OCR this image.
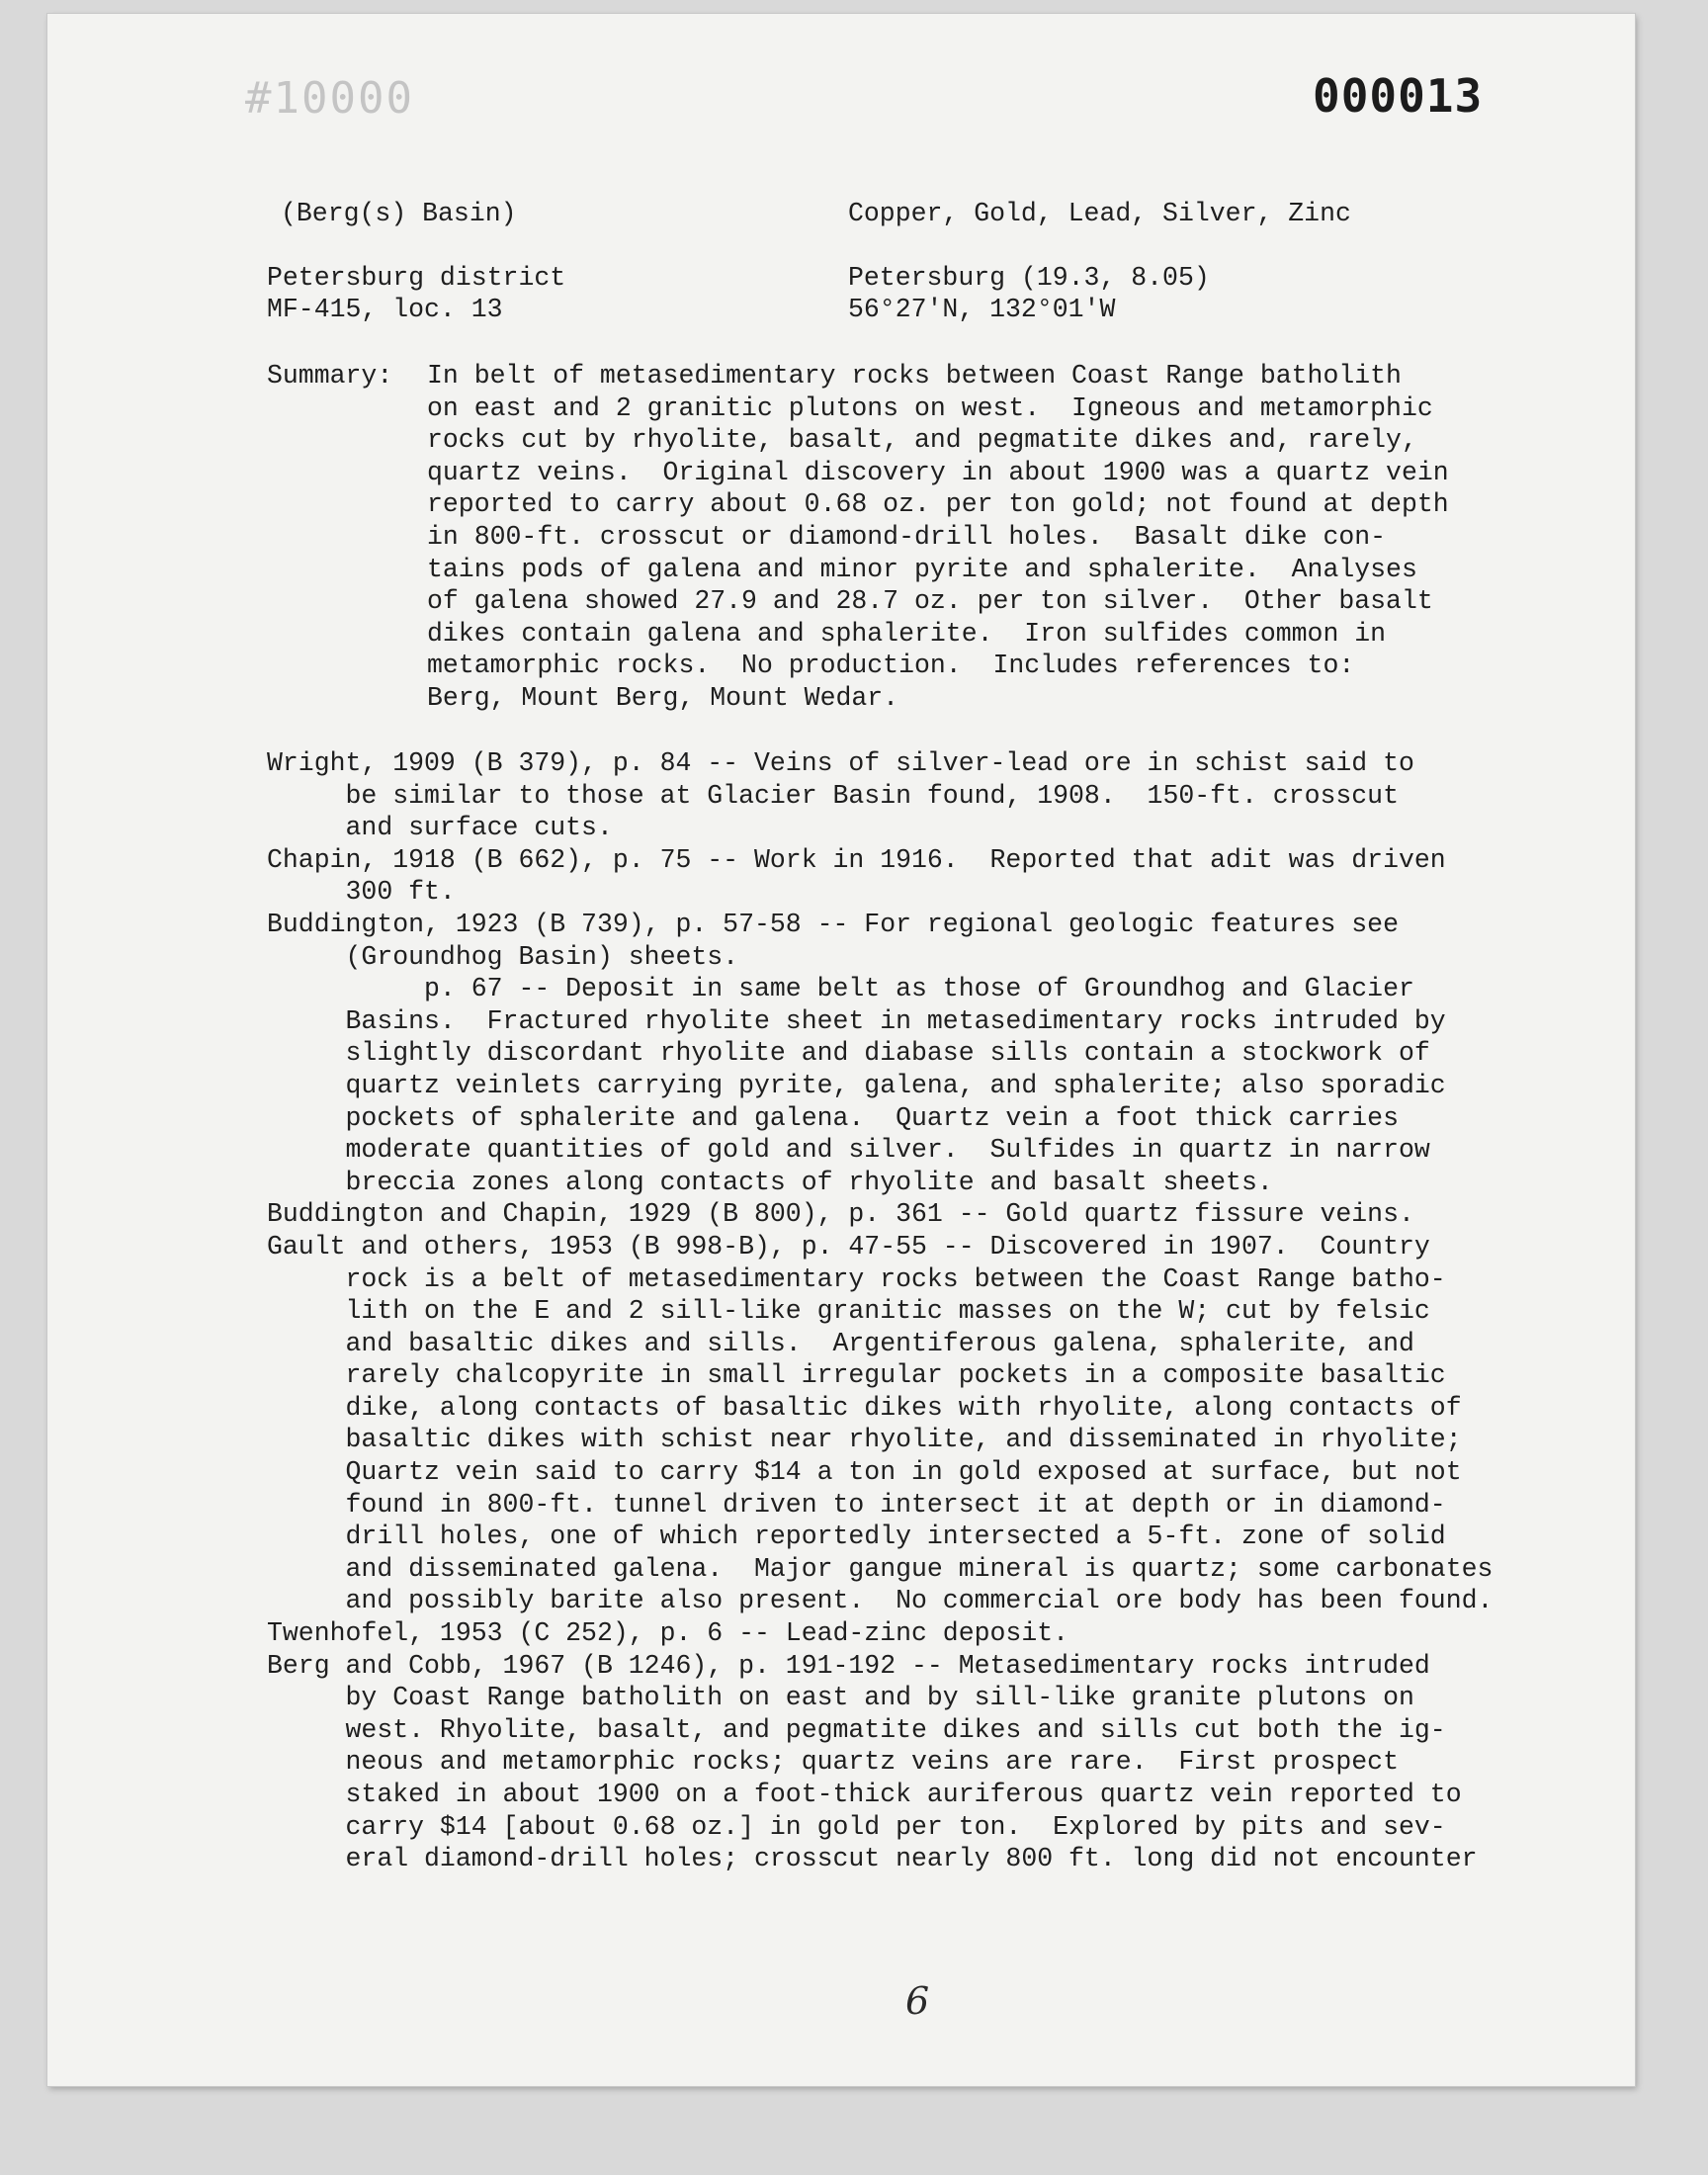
#10000	000013
(Berg(s) Basin)	Copper, Gold, Lead, Silver, Zinc
Petersburg district	Petersburg (19.3, 8.05)
MF-415, loc. 13	56°27'N, 132°01'W
Summary: In belt of metasedimentary rocks between Coast Range batholith
on east and 2 granitic plutons on west.  Igneous and metamorphic
rocks cut by rhyolite, basalt, and pegmatite dikes and, rarely,
quartz veins.  Original discovery in about 1900 was a quartz vein
reported to carry about 0.68 oz. per ton gold; not found at depth
in 800-ft. crosscut or diamond-drill holes.  Basalt dike con-
tains pods of galena and minor pyrite and sphalerite.  Analyses
of galena showed 27.9 and 28.7 oz. per ton silver.  Other basalt
dikes contain galena and sphalerite.  Iron sulfides common in
metamorphic rocks.  No production.  Includes references to:
Berg, Mount Berg, Mount Wedar.
Wright, 1909 (B 379), p. 84 -- Veins of silver-lead ore in schist said to
be similar to those at Glacier Basin found, 1908.  150-ft. crosscut
and surface cuts.
Chapin, 1918 (B 662), p. 75 -- Work in 1916.  Reported that adit was driven
300 ft.
Buddington, 1923 (B 739), p. 57-58 -- For regional geologic features see
(Groundhog Basin) sheets.
p. 67 -- Deposit in same belt as those of Groundhog and Glacier
Basins.  Fractured rhyolite sheet in metasedimentary rocks intruded by
slightly discordant rhyolite and diabase sills contain a stockwork of
quartz veinlets carrying pyrite, galena, and sphalerite; also sporadic
pockets of sphalerite and galena.  Quartz vein a foot thick carries
moderate quantities of gold and silver.  Sulfides in quartz in narrow
breccia zones along contacts of rhyolite and basalt sheets.
Buddington and Chapin, 1929 (B 800), p. 361 -- Gold quartz fissure veins.
Gault and others, 1953 (B 998-B), p. 47-55 -- Discovered in 1907.  Country
rock is a belt of metasedimentary rocks between the Coast Range batho-
lith on the E and 2 sill-like granitic masses on the W; cut by felsic
and basaltic dikes and sills.  Argentiferous galena, sphalerite, and
rarely chalcopyrite in small irregular pockets in a composite basaltic
dike, along contacts of basaltic dikes with rhyolite, along contacts of
basaltic dikes with schist near rhyolite, and disseminated in rhyolite;
Quartz vein said to carry $14 a ton in gold exposed at surface, but not
found in 800-ft. tunnel driven to intersect it at depth or in diamond-
drill holes, one of which reportedly intersected a 5-ft. zone of solid
and disseminated galena.  Major gangue mineral is quartz; some carbonates
and possibly barite also present.  No commercial ore body has been found.
Twenhofel, 1953 (C 252), p. 6 -- Lead-zinc deposit.
Berg and Cobb, 1967 (B 1246), p. 191-192 -- Metasedimentary rocks intruded
by Coast Range batholith on east and by sill-like granite plutons on
west. Rhyolite, basalt, and pegmatite dikes and sills cut both the ig-
neous and metamorphic rocks; quartz veins are rare.  First prospect
staked in about 1900 on a foot-thick auriferous quartz vein reported to
carry $14 [about 0.68 oz.] in gold per ton.  Explored by pits and sev-
eral diamond-drill holes; crosscut nearly 800 ft. long did not encounter
6
